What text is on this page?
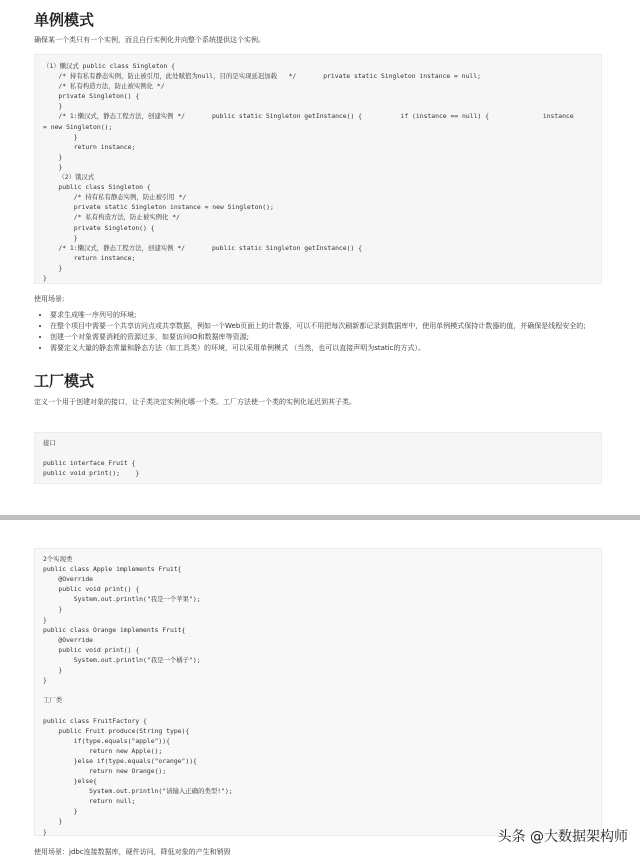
单例模式

确保某一个类只有一个实例，而且自行实例化并向整个系统提供这个实例。

（1）懒汉式 public class Singleton {
/* 持有私有静态实例，防止被引用，此处赋值为null，目的是实现延迟加载   */       private static Singleton instance = null;
/* 私有构造方法，防止被实例化 */
private Singleton() {
}
/* 1:懒汉式，静态工程方法，创建实例 */       public static Singleton getInstance() {          if (instance == null) {              instance
= new Singleton();
}
return instance;
}
}
（2）饿汉式
public class Singleton {
/* 持有私有静态实例，防止被引用 */
private static Singleton instance = new Singleton();
/* 私有构造方法，防止被实例化 */
private Singleton() {
}
/* 1:懒汉式，静态工程方法，创建实例 */       public static Singleton getInstance() {
return instance;
}
}

使用场景:

• 要求生成唯一序列号的环境;
• 在整个项目中需要一个共享访问点或共享数据，例如一个Web页面上的计数器，可以不用把每次刷新都记录到数据库中，使用单例模式保持计数器的值，并确保是线程安全的;
• 创建一个对象需要消耗的资源过多，如要访问IO和数据库等资源;
• 需要定义大量的静态常量和静态方法（如工具类）的环境，可以采用单例模式 （当然，也可以直接声明为static的方式）。
工厂模式

定义一个用于创建对象的接口，让子类决定实例化哪一个类。工厂方法使一个类的实例化延迟到其子类。

接口
public interface Fruit {
public void print();    }
2个实现类
public class Apple implements Fruit{
@Override
public void print() {
System.out.println("我是一个苹果");
}
}
public class Orange implements Fruit{
@Override
public void print() {
System.out.println("我是一个橘子");
}
}
工厂类
public class FruitFactory {
public Fruit produce(String type){
if(type.equals("apple")){
return new Apple();
}else if(type.equals("orange")){
return new Orange();
}else{
System.out.println("请输入正确的类型!");
return null;
}
}
}

使用场景：jdbc连接数据库，硬件访问，降低对象的产生和销毁

头条 @大数据架构师
